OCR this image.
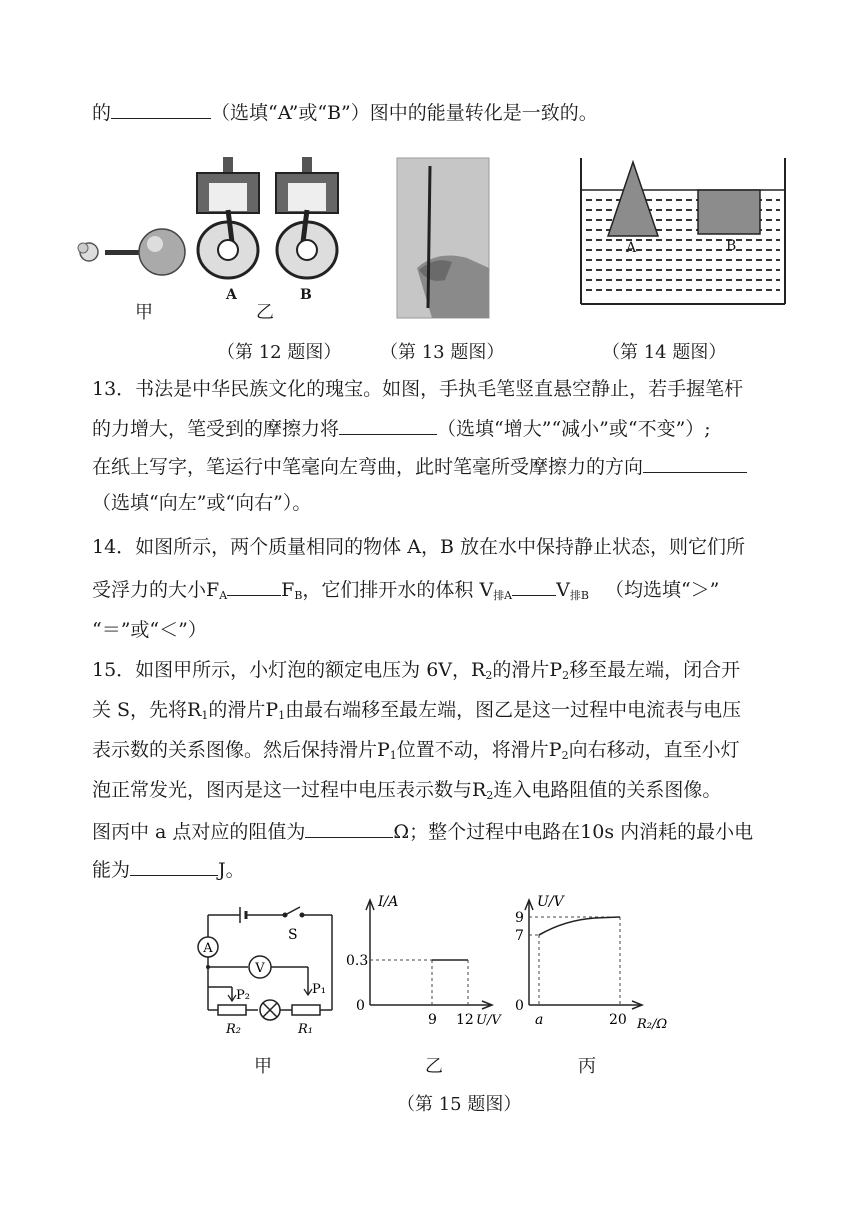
的	（选填“A”或“B”）图中的能量转化是一致的。
A	B
甲	乙
A	B
（第 12 题图） （第 13 题图）	（第 14 题图）
13．书法是中华民族文化的瑰宝。如图，手执毛笔竖直悬空静止，若手握笔杆
的力增大，笔受到的摩擦力将	（选填“增大”“减小”或“不变”）;
在纸上写字，笔运行中笔毫向左弯曲，此时笔毫所受摩擦力的方向
（选填“向左”或“向右”）。
14．如图所示，两个质量相同的物体 A，B 放在水中保持静止状态，则它们所
受浮力的大小$F_A$	$F_B$，它们排开水的体积 $V_{排A}$ $V_{排B}$ （均选填“＞”
“＝”或“＜”）
15．如图甲所示，小灯泡的额定电压为 6V，$R_2$的滑片$P_2$移至最左端，闭合开
关 S，先将$R_1$的滑片$P_1$由最右端移至最左端，图乙是这一过程中电流表与电压
表示数的关系图像。然后保持滑片$P_1$位置不动，将滑片$P_2$向右移动，直至小灯
泡正常发光，图丙是这一过程中电压表示数与$R_2$连入电路阻值的关系图像。
图丙中 a 点对应的阻值为	Ω；整个过程中电路在10s 内消耗的最小电
能为	J。
A
V
S
P₂	P₁
R₂	R₁
I/A
U/V
0.3
0
9 12
U/V
R₂/Ω
9
7
0
a	20
甲	乙	丙
（第 15 题图）
